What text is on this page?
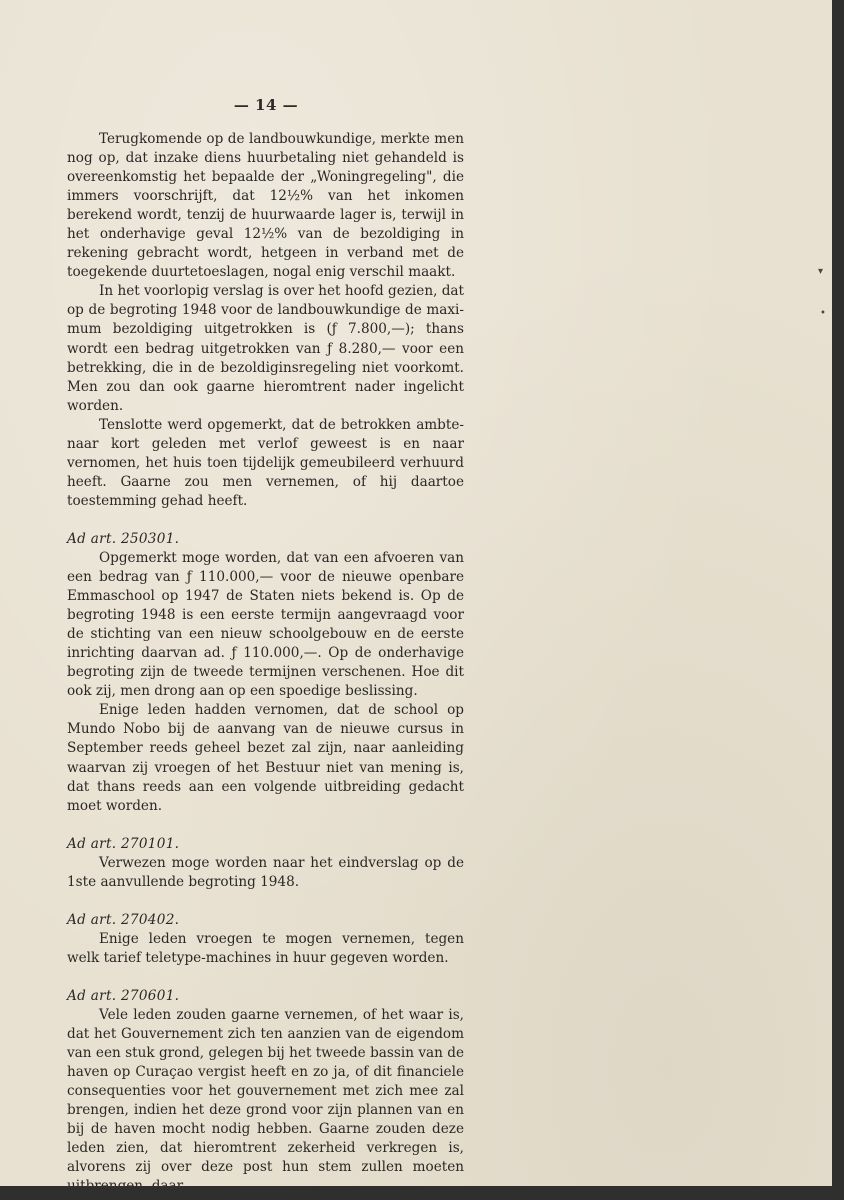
— 14 —
▾
•

Terugkomende op de landbouwkundige, merkte men nog op, dat inzake diens huurbetaling niet gehandeld is overeenkomstig het bepaalde der „Woningregeling", die immers voorschrijft, dat 12½% van het inkomen berekend wordt, tenzij de huurwaarde lager is, terwijl in het onderhavige geval 12½% van de bezoldiging in rekening gebracht wordt, hetgeen in verband met de toegekende duurtetoeslagen, nogal enig verschil maakt.

In het voorlopig verslag is over het hoofd gezien, dat op de begroting 1948 voor de landbouwkundige de maximum bezoldiging uitgetrokken is (ƒ 7.800,—); thans wordt een bedrag uitgetrokken van ƒ 8.280,— voor een betrekking, die in de bezoldiginsregeling niet voorkomt. Men zou dan ook gaarne hieromtrent nader ingelicht worden.

Tenslotte werd opgemerkt, dat de betrokken ambtenaar kort geleden met verlof geweest is en naar vernomen, het huis toen tijdelijk gemeubileerd verhuurd heeft. Gaarne zou men vernemen, of hij daartoe toestemming gehad heeft.

Ad art. 250301.

Opgemerkt moge worden, dat van een afvoeren van een bedrag van ƒ 110.000,— voor de nieuwe openbare Emmaschool op 1947 de Staten niets bekend is. Op de begroting 1948 is een eerste termijn aangevraagd voor de stichting van een nieuw schoolgebouw en de eerste inrichting daarvan ad. ƒ 110.000,—. Op de onderhavige begroting zijn de tweede termijnen verschenen. Hoe dit ook zij, men drong aan op een spoedige beslissing.

Enige leden hadden vernomen, dat de school op Mundo Nobo bij de aanvang van de nieuwe cursus in September reeds geheel bezet zal zijn, naar aanleiding waarvan zij vroegen of het Bestuur niet van mening is, dat thans reeds aan een volgende uitbreiding gedacht moet worden.

Ad art. 270101.

Verwezen moge worden naar het eindverslag op de 1ste aanvullende begroting 1948.

Ad art. 270402.

Enige leden vroegen te mogen vernemen, tegen welk tarief teletype-machines in huur gegeven worden.

Ad art. 270601.

Vele leden zouden gaarne vernemen, of het waar is, dat het Gouvernement zich ten aanzien van de eigendom van een stuk grond, gelegen bij het tweede bassin van de haven op Curaçao vergist heeft en zo ja, of dit financiele consequenties voor het gouvernement met zich mee zal brengen, indien het deze grond voor zijn plannen van en bij de haven mocht nodig hebben. Gaarne zouden deze leden zien, dat hieromtrent zekerheid verkregen is, alvorens zij over deze post hun stem zullen moeten
